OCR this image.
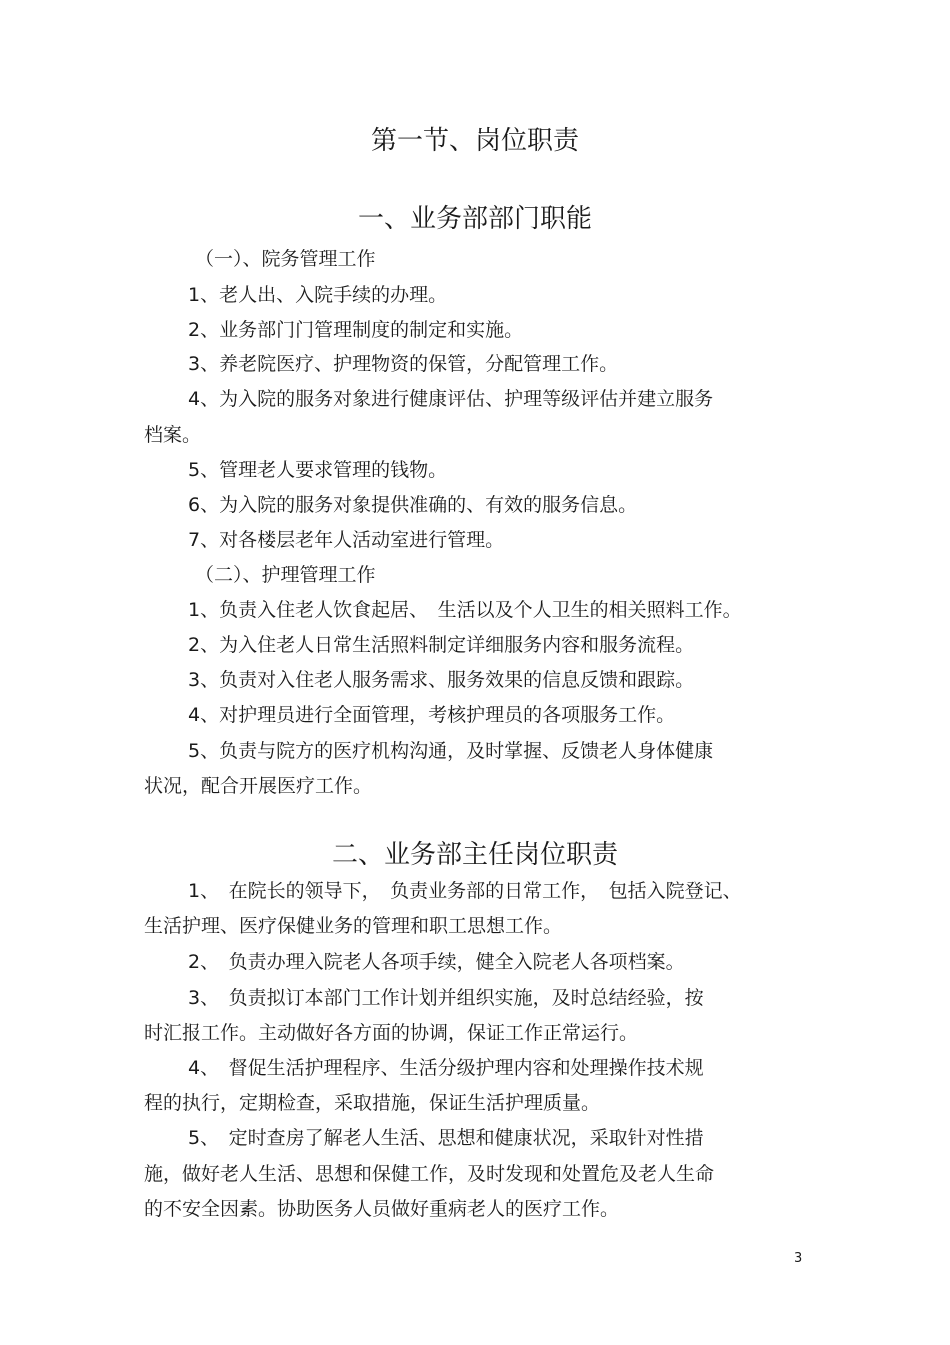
第一节、岗位职责
一、业务部部门职能
（一）、院务管理工作
1、老人出、入院手续的办理。
2、业务部门门管理制度的制定和实施。
3、养老院医疗、护理物资的保管，分配管理工作。
4、为入院的服务对象进行健康评估、护理等级评估并建立服务
档案。
5、管理老人要求管理的钱物。
6、为入院的服务对象提供准确的、有效的服务信息。
7、对各楼层老年人活动室进行管理。
（二）、护理管理工作
1、负责入住老人饮食起居、　生活以及个人卫生的相关照料工作。
2、为入住老人日常生活照料制定详细服务内容和服务流程。
3、负责对入住老人服务需求、服务效果的信息反馈和跟踪。
4、对护理员进行全面管理，考核护理员的各项服务工作。
5、负责与院方的医疗机构沟通，及时掌握、反馈老人身体健康
状况，配合开展医疗工作。
二、业务部主任岗位职责
1、　在院长的领导下，　负责业务部的日常工作，　包括入院登记、
生活护理、医疗保健业务的管理和职工思想工作。
2、　负责办理入院老人各项手续，健全入院老人各项档案。
3、　负责拟订本部门工作计划并组织实施，及时总结经验，按
时汇报工作。主动做好各方面的协调，保证工作正常运行。
4、　督促生活护理程序、生活分级护理内容和处理操作技术规
程的执行，定期检查，采取措施，保证生活护理质量。
5、　定时查房了解老人生活、思想和健康状况，采取针对性措
施，做好老人生活、思想和保健工作，及时发现和处置危及老人生命
的不安全因素。协助医务人员做好重病老人的医疗工作。
3
